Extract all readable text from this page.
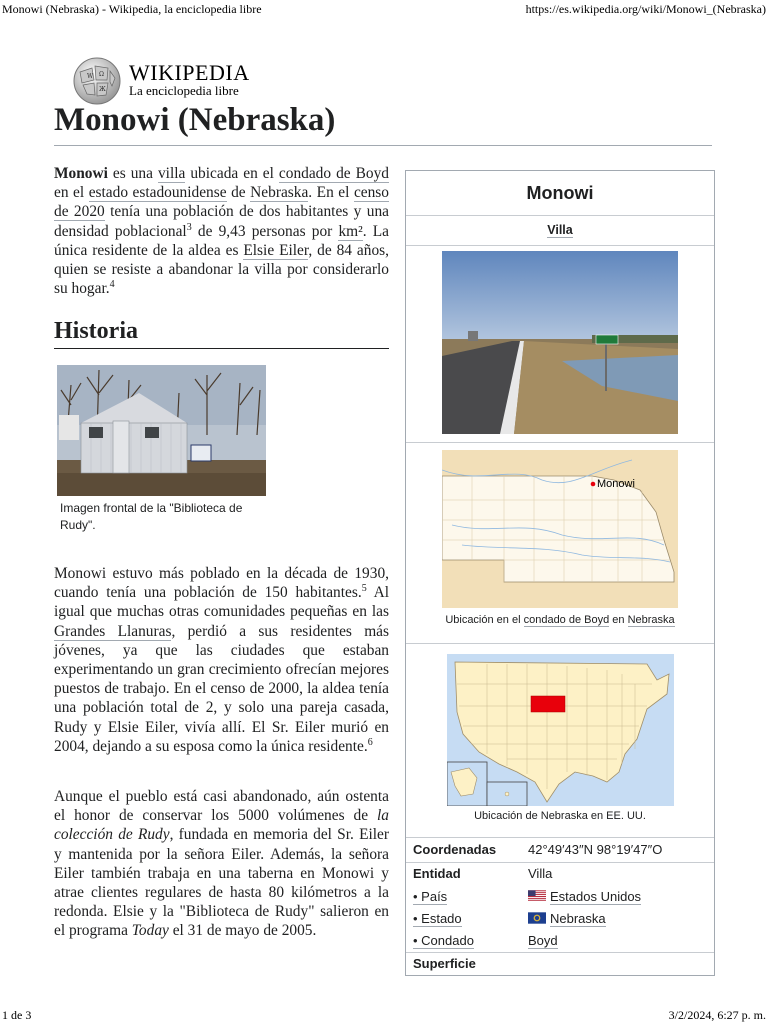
Monowi (Nebraska) - Wikipedia, la enciclopedia libre	https://es.wikipedia.org/wiki/Monowi_(Nebraska)
1 de 3	3/2/2024, 6:27 p. m.
W Ω
Ж
WIKIPEDIA
La enciclopedia libre
Monowi (Nebraska)

Monowi es una villa ubicada en el condado de Boyd en el estado estadounidense de Nebraska. En el censo de 2020 tenía una población de dos habitantes y una densidad poblacional$^3$ de 9,43 personas por km². La única residente de la aldea es Elsie Eiler, de 84 años, quien se resiste a abandonar la villa por considerarlo su hogar.$^4$

Historia
Imagen frontal de la "Biblioteca de Rudy".

Monowi estuvo más poblado en la década de 1930, cuando tenía una población de 150 habitantes.$^5$ Al igual que muchas otras comunidades pequeñas en las Grandes Llanuras, perdió a sus residentes más jóvenes, ya que las ciudades que estaban experimentando un gran crecimiento ofrecían mejores puestos de trabajo. En el censo de 2000, la aldea tenía una población total de 2, y solo una pareja casada, Rudy y Elsie Eiler, vivía allí. El Sr. Eiler murió en 2004, dejando a su esposa como la única residente.$^6$

Aunque el pueblo está casi abandonado, aún ostenta el honor de conservar los 5000 volúmenes de la colección de Rudy, fundada en memoria del Sr. Eiler y mantenida por la señora Eiler. Además, la señora Eiler también trabaja en una taberna en Monowi y atrae clientes regulares de hasta 80 kilómetros a la redonda. Elsie y la "Biblioteca de Rudy" salieron en el programa Today el 31 de mayo de 2005.

Monowi
Villa
Monowi
Ubicación en el condado de Boyd en Nebraska
Ubicación de Nebraska en EE. UU.
Coordenadas 42°49′43″N 98°19′47″O
Entidad	Villa
• País	Estados Unidos
• Estado	Nebraska
• Condado	Boyd
Superficie
